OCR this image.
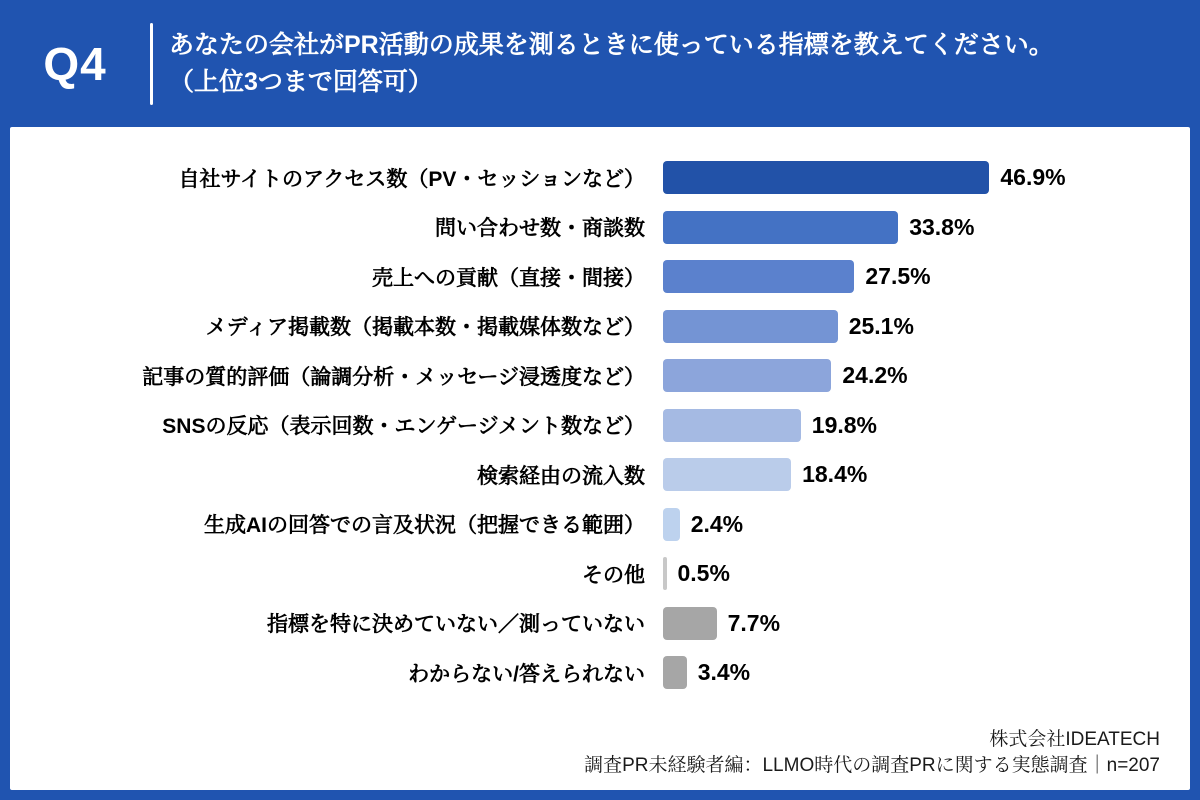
Q4	あなたの会社がPR活動の成果を測るときに使っている指標を教えてください。
（上位3つまで回答可）
自社サイトのアクセス数（PV・セッションなど）	46.9%
問い合わせ数・商談数	33.8%
売上への貢献（直接・間接）	27.5%
メディア掲載数（掲載本数・掲載媒体数など）	25.1%
記事の質的評価（論調分析・メッセージ浸透度など）	24.2%
SNSの反応（表示回数・エンゲージメント数など）	19.8%
検索経由の流入数	18.4%
生成AIの回答での言及状況（把握できる範囲）	2.4%
その他	0.5%
指標を特に決めていない／測っていない	7.7%
わからない/答えられない	3.4%
株式会社IDEATECH
調査PR未経験者編：LLMO時代の調査PRに関する実態調査｜n=207
